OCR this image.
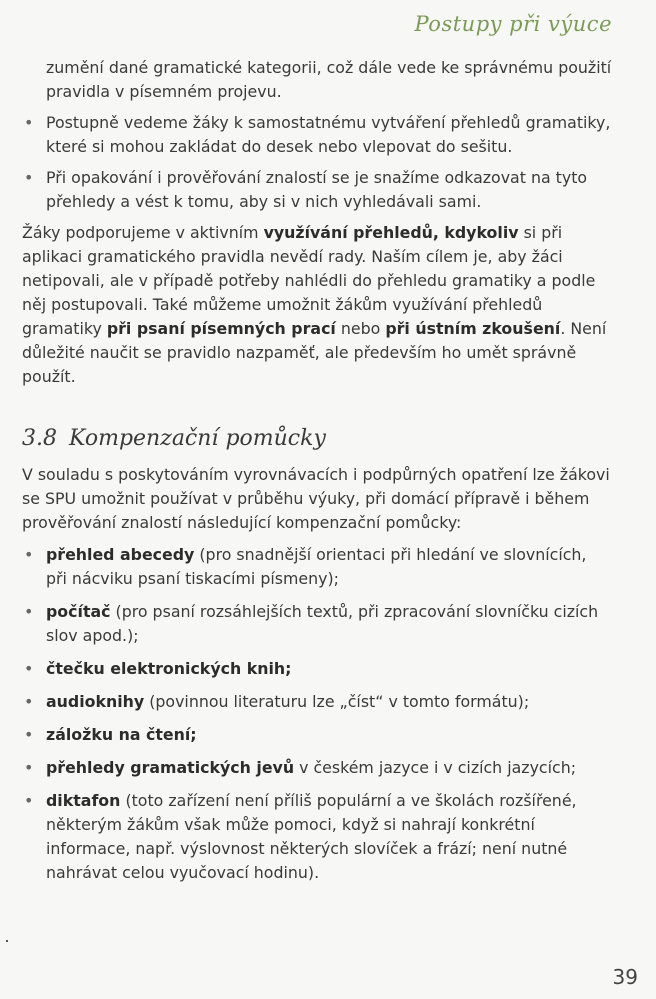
Postupy při výuce

zumění dané gramatické kategorii, což dále vede ke správnému použití pravidla v písemném projevu.

• Postupně vedeme žáky k samostatnému vytváření přehledů gramatiky, které si mohou zakládat do desek nebo vlepovat do sešitu.
• Při opakování i prověřování znalostí se je snažíme odkazovat na tyto přehledy a vést k tomu, aby si v nich vyhledávali sami.

Žáky podporujeme v aktivním využívání přehledů, kdykoliv si při aplikaci gramatického pravidla nevědí rady. Naším cílem je, aby žáci netipovali, ale v případě potřeby nahlédli do přehledu gramatiky a podle něj postupovali. Také můžeme umožnit žákům využívání přehledů gramatiky při psaní písemných prací nebo při ústním zkoušení. Není důležité naučit se pravidlo nazpaměť, ale především ho umět správně použít.

3.8 Kompenzační pomůcky

V souladu s poskytováním vyrovnávacích i podpůrných opatření lze žákovi se SPU umožnit používat v průběhu výuky, při domácí přípravě i během prověřování znalostí následující kompenzační pomůcky:

• přehled abecedy (pro snadnější orientaci při hledání ve slovnících, při nácviku psaní tiskacími písmeny);
• počítač (pro psaní rozsáhlejších textů, při zpracování slovníčku cizích slov apod.);
• čtečku elektronických knih;
• audioknihy (povinnou literaturu lze „číst“ v tomto formátu);
• záložku na čtení;
• přehledy gramatických jevů v českém jazyce i v cizích jazycích;
• diktafon (toto zařízení není příliš populární a ve školách rozšířené, některým žákům však může pomoci, když si nahrají konkrétní informace, např. výslovnost některých slovíček a frází; není nutné nahrávat celou vyučovací hodinu).
39
